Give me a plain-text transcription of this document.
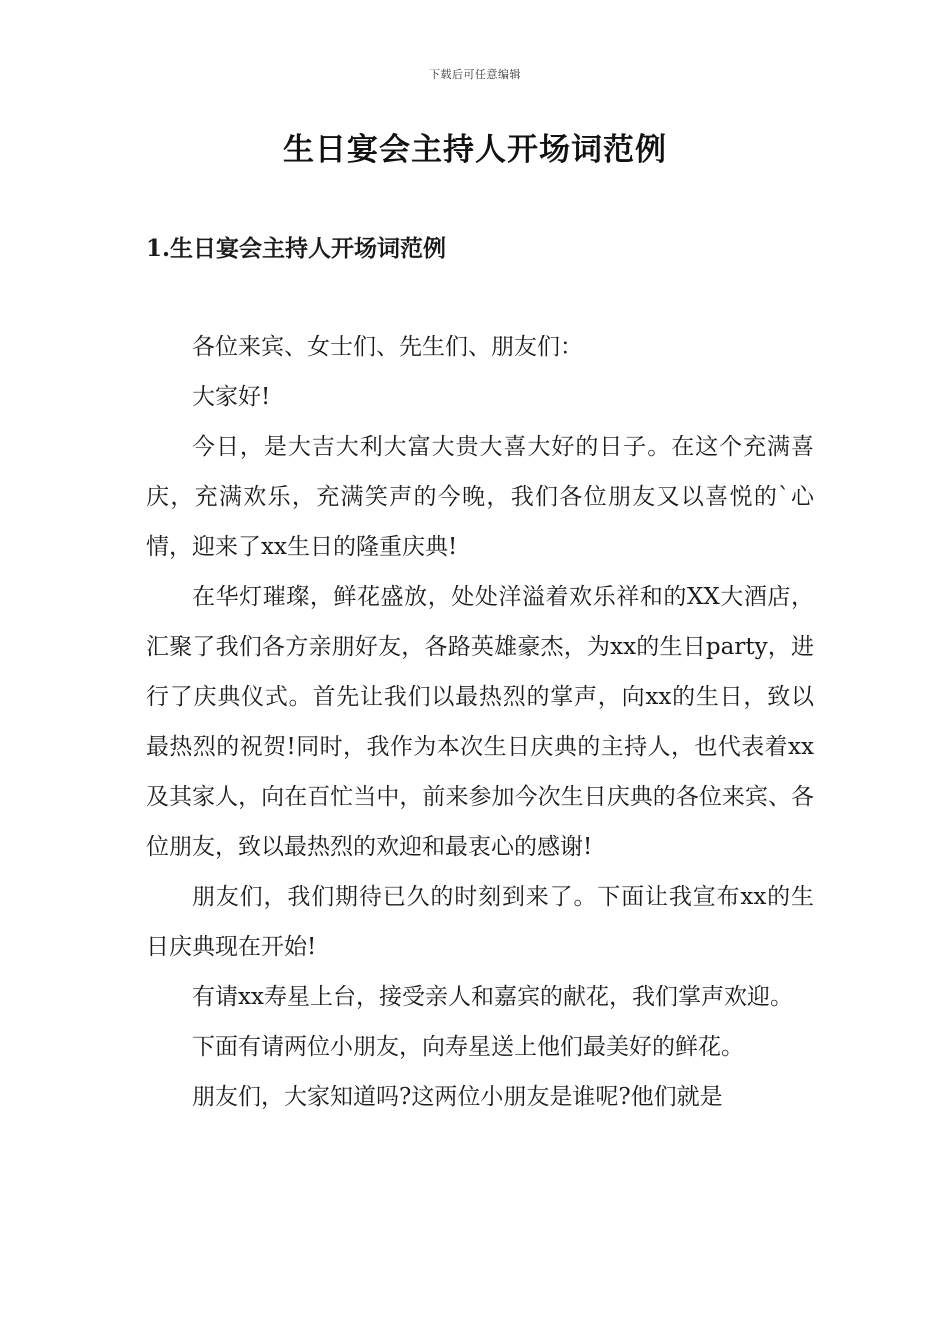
下载后可任意编辑
生日宴会主持人开场词范例
1.生日宴会主持人开场词范例

各位来宾、女士们、先生们、朋友们：

大家好!

今日，是大吉大利大富大贵大喜大好的日子。在这个充满喜庆，充满欢乐，充满笑声的今晚，我们各位朋友又以喜悦的`心情，迎来了xx生日的隆重庆典!

在华灯璀璨，鲜花盛放，处处洋溢着欢乐祥和的XX大酒店，汇聚了我们各方亲朋好友，各路英雄豪杰，为xx的生日party，进行了庆典仪式。首先让我们以最热烈的掌声，向xx的生日，致以最热烈的祝贺!同时，我作为本次生日庆典的主持人，也代表着xx及其家人，向在百忙当中，前来参加今次生日庆典的各位来宾、各位朋友，致以最热烈的欢迎和最衷心的感谢!

朋友们，我们期待已久的时刻到来了。下面让我宣布xx的生日庆典现在开始!

有请xx寿星上台，接受亲人和嘉宾的献花，我们掌声欢迎。

下面有请两位小朋友，向寿星送上他们最美好的鲜花。

朋友们，大家知道吗?这两位小朋友是谁呢?他们就是
